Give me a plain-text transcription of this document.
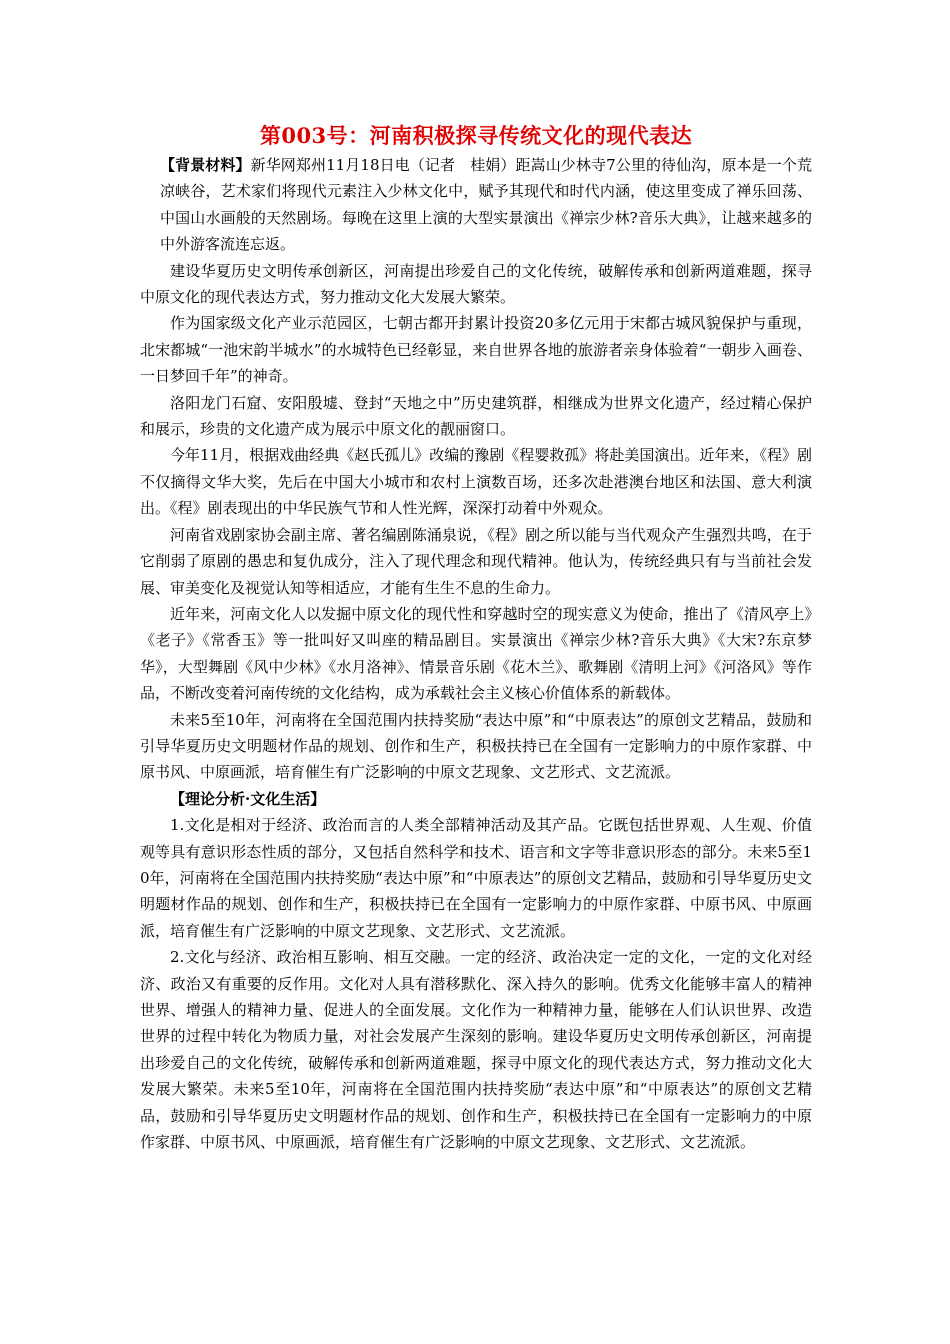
第003号：河南积极探寻传统文化的现代表达

【背景材料】新华网郑州11月18日电（记者　桂娟）距嵩山少林寺7公里的待仙沟，原本是一个荒凉峡谷，艺术家们将现代元素注入少林文化中，赋予其现代和时代内涵，使这里变成了禅乐回荡、中国山水画般的天然剧场。每晚在这里上演的大型实景演出《禅宗少林?音乐大典》，让越来越多的中外游客流连忘返。

建设华夏历史文明传承创新区，河南提出珍爱自己的文化传统，破解传承和创新两道难题，探寻中原文化的现代表达方式，努力推动文化大发展大繁荣。

作为国家级文化产业示范园区，七朝古都开封累计投资20多亿元用于宋都古城风貌保护与重现，北宋都城“一池宋韵半城水”的水城特色已经彰显，来自世界各地的旅游者亲身体验着“一朝步入画卷、一日梦回千年”的神奇。

洛阳龙门石窟、安阳殷墟、登封“天地之中”历史建筑群，相继成为世界文化遗产，经过精心保护和展示，珍贵的文化遗产成为展示中原文化的靓丽窗口。

今年11月，根据戏曲经典《赵氏孤儿》改编的豫剧《程婴救孤》将赴美国演出。近年来，《程》剧不仅摘得文华大奖，先后在中国大小城市和农村上演数百场，还多次赴港澳台地区和法国、意大利演出。《程》剧表现出的中华民族气节和人性光辉，深深打动着中外观众。

河南省戏剧家协会副主席、著名编剧陈涌泉说，《程》剧之所以能与当代观众产生强烈共鸣，在于它削弱了原剧的愚忠和复仇成分，注入了现代理念和现代精神。他认为，传统经典只有与当前社会发展、审美变化及视觉认知等相适应，才能有生生不息的生命力。

近年来，河南文化人以发掘中原文化的现代性和穿越时空的现实意义为使命，推出了《清风亭上》《老子》《常香玉》等一批叫好又叫座的精品剧目。实景演出《禅宗少林?音乐大典》《大宋?东京梦华》，大型舞剧《风中少林》《水月洛神》、情景音乐剧《花木兰》、歌舞剧《清明上河》《河洛风》等作品，不断改变着河南传统的文化结构，成为承载社会主义核心价值体系的新载体。

未来5至10年，河南将在全国范围内扶持奖励“表达中原”和“中原表达”的原创文艺精品，鼓励和引导华夏历史文明题材作品的规划、创作和生产，积极扶持已在全国有一定影响力的中原作家群、中原书风、中原画派，培育催生有广泛影响的中原文艺现象、文艺形式、文艺流派。

【理论分析·文化生活】

1.文化是相对于经济、政治而言的人类全部精神活动及其产品。它既包括世界观、人生观、价值观等具有意识形态性质的部分，又包括自然科学和技术、语言和文字等非意识形态的部分。未来5至10年，河南将在全国范围内扶持奖励“表达中原”和“中原表达”的原创文艺精品，鼓励和引导华夏历史文明题材作品的规划、创作和生产，积极扶持已在全国有一定影响力的中原作家群、中原书风、中原画派，培育催生有广泛影响的中原文艺现象、文艺形式、文艺流派。

2.文化与经济、政治相互影响、相互交融。一定的经济、政治决定一定的文化，一定的文化对经济、政治又有重要的反作用。文化对人具有潜移默化、深入持久的影响。优秀文化能够丰富人的精神世界、增强人的精神力量、促进人的全面发展。文化作为一种精神力量，能够在人们认识世界、改造世界的过程中转化为物质力量，对社会发展产生深刻的影响。建设华夏历史文明传承创新区，河南提出珍爱自己的文化传统，破解传承和创新两道难题，探寻中原文化的现代表达方式，努力推动文化大发展大繁荣。未来5至10年，河南将在全国范围内扶持奖励“表达中原”和“中原表达”的原创文艺精品，鼓励和引导华夏历史文明题材作品的规划、创作和生产，积极扶持已在全国有一定影响力的中原作家群、中原书风、中原画派，培育催生有广泛影响的中原文艺现象、文艺形式、文艺流派。
